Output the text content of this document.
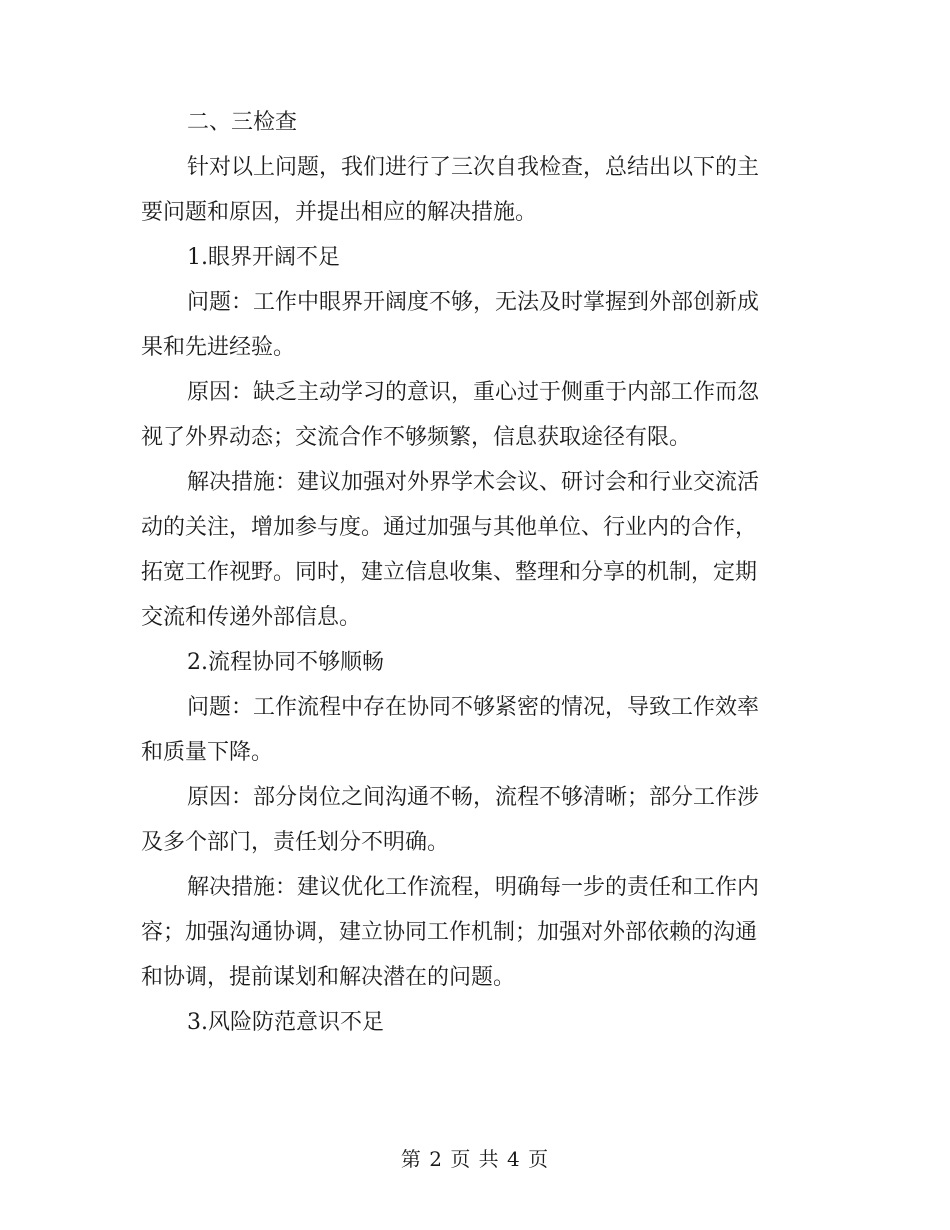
二、三检查

针对以上问题，我们进行了三次自我检查，总结出以下的主
要问题和原因，并提出相应的解决措施。

1.眼界开阔不足

问题：工作中眼界开阔度不够，无法及时掌握到外部创新成
果和先进经验。

原因：缺乏主动学习的意识，重心过于侧重于内部工作而忽
视了外界动态；交流合作不够频繁，信息获取途径有限。

解决措施：建议加强对外界学术会议、研讨会和行业交流活
动的关注，增加参与度。通过加强与其他单位、行业内的合作，
拓宽工作视野。同时，建立信息收集、整理和分享的机制，定期
交流和传递外部信息。

2.流程协同不够顺畅

问题：工作流程中存在协同不够紧密的情况，导致工作效率
和质量下降。

原因：部分岗位之间沟通不畅，流程不够清晰；部分工作涉
及多个部门，责任划分不明确。

解决措施：建议优化工作流程，明确每一步的责任和工作内
容；加强沟通协调，建立协同工作机制；加强对外部依赖的沟通
和协调，提前谋划和解决潜在的问题。

3.风险防范意识不足

第 2 页 共 4 页
